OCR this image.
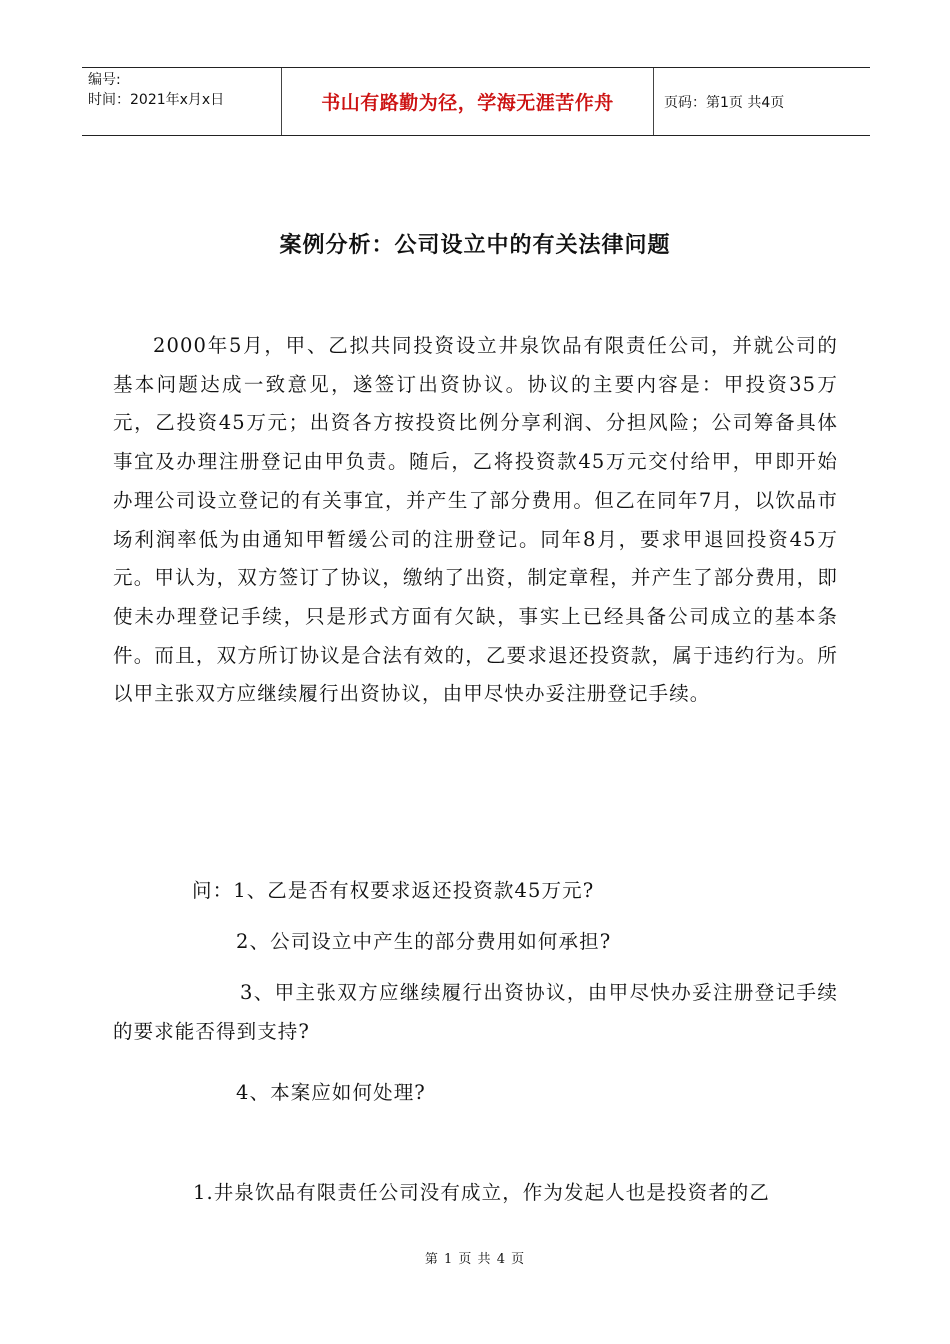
编号:
时间：2021年x月x日	书山有路勤为径，学海无涯苦作舟	页码：第1页 共4页
案例分析：公司设立中的有关法律问题

2000年5月，甲、乙拟共同投资设立井泉饮品有限责任公司，并就公司的基本问题达成一致意见，遂签订出资协议。协议的主要内容是：甲投资35万元，乙投资45万元；出资各方按投资比例分享利润、分担风险；公司筹备具体事宜及办理注册登记由甲负责。随后，乙将投资款45万元交付给甲，甲即开始办理公司设立登记的有关事宜，并产生了部分费用。但乙在同年7月，以饮品市场利润率低为由通知甲暂缓公司的注册登记。同年8月，要求甲退回投资45万元。甲认为，双方签订了协议，缴纳了出资，制定章程，并产生了部分费用，即使未办理登记手续，只是形式方面有欠缺，事实上已经具备公司成立的基本条件。而且，双方所订协议是合法有效的，乙要求退还投资款，属于违约行为。所以甲主张双方应继续履行出资协议，由甲尽快办妥注册登记手续。

问：1、乙是否有权要求返还投资款45万元?

2、公司设立中产生的部分费用如何承担?

3、甲主张双方应继续履行出资协议，由甲尽快办妥注册登记手续的要求能否得到支持?

4、本案应如何处理?

1.井泉饮品有限责任公司没有成立，作为发起人也是投资者的乙
第 1 页 共 4 页
